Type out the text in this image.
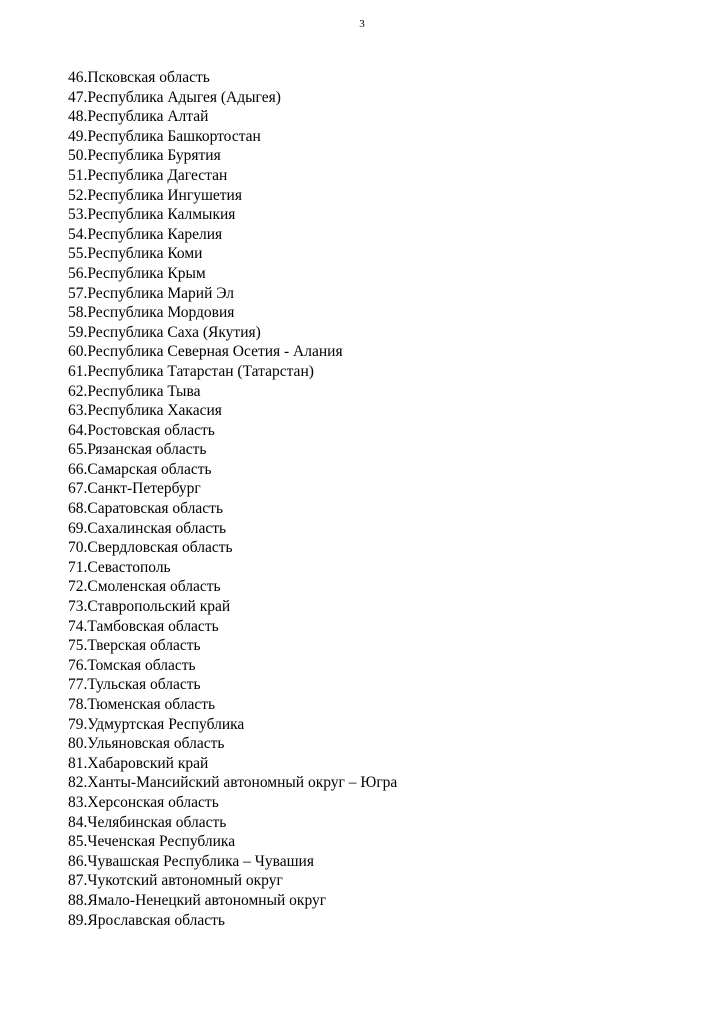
3
46.Псковская область
47.Республика Адыгея (Адыгея)
48.Республика Алтай
49.Республика Башкортостан
50.Республика Бурятия
51.Республика Дагестан
52.Республика Ингушетия
53.Республика Калмыкия
54.Республика Карелия
55.Республика Коми
56.Республика Крым
57.Республика Марий Эл
58.Республика Мордовия
59.Республика Саха (Якутия)
60.Республика Северная Осетия - Алания
61.Республика Татарстан (Татарстан)
62.Республика Тыва
63.Республика Хакасия
64.Ростовская область
65.Рязанская область
66.Самарская область
67.Санкт-Петербург
68.Саратовская область
69.Сахалинская область
70.Свердловская область
71.Севастополь
72.Смоленская область
73.Ставропольский край
74.Тамбовская область
75.Тверская область
76.Томская область
77.Тульская область
78.Тюменская область
79.Удмуртская Республика
80.Ульяновская область
81.Хабаровский край
82.Ханты-Мансийский автономный округ – Югра
83.Херсонская область
84.Челябинская область
85.Чеченская Республика
86.Чувашская Республика – Чувашия
87.Чукотский автономный округ
88.Ямало-Ненецкий автономный округ
89.Ярославская область
